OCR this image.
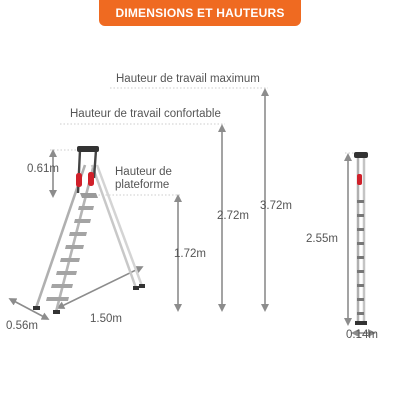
DIMENSIONS ET HAUTEURS
Hauteur de travail maximum
Hauteur de travail confortable
Hauteur de plateforme
0.61m
1.72m
2.72m
3.72m
2.55m
0.56m
1.50m
0.14m
